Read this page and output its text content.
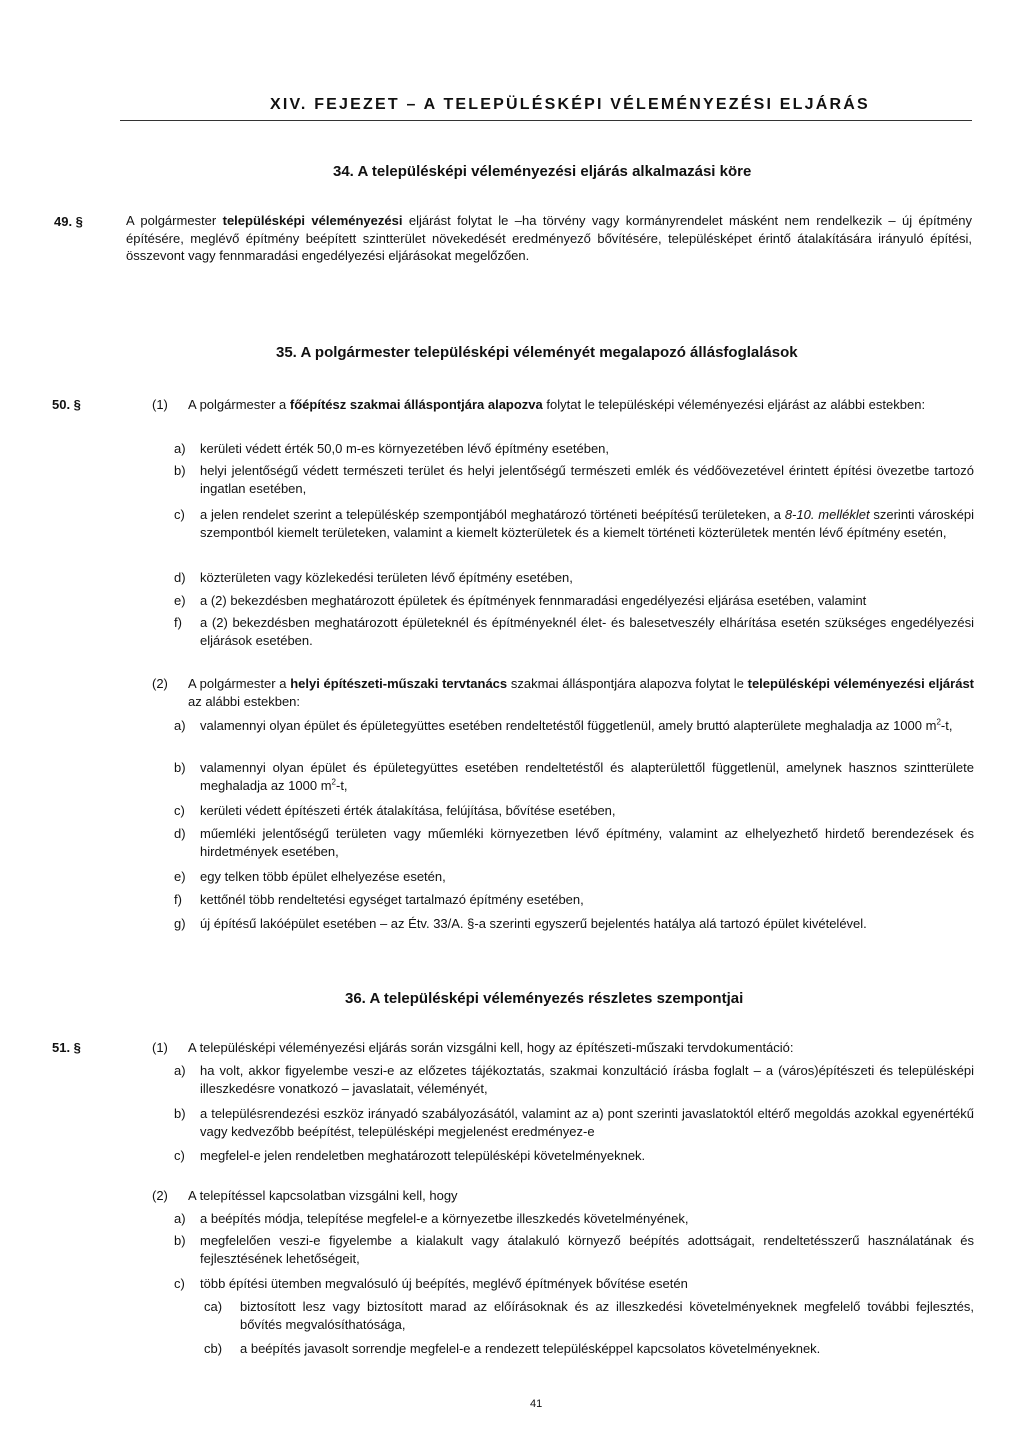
XIV. FEJEZET – A TELEPÜLÉSKÉPI VÉLEMÉNYEZÉSI ELJÁRÁS
34. A településképi véleményezési eljárás alkalmazási köre
49. §	A polgármester településképi véleményezési eljárást folytat le –ha törvény vagy kormányrendelet másként nem rendelkezik – új építmény építésére, meglévő építmény beépített szintterület növekedését eredményező bővítésére, településképet érintő átalakítására irányuló építési, összevont vagy fennmaradási engedélyezési eljárásokat megelőzően.
35. A polgármester településképi véleményét megalapozó állásfoglalások
50. §	(1) A polgármester a főépítész szakmai álláspontjára alapozva folytat le településképi véleményezési eljárást az alábbi estekben:
a) kerületi védett érték 50,0 m-es környezetében lévő építmény esetében,
b) helyi jelentőségű védett természeti terület és helyi jelentőségű természeti emlék és védőövezetével érintett építési övezetbe tartozó ingatlan esetében,
c) a jelen rendelet szerint a településkép szempontjából meghatározó történeti beépítésű területeken, a 8-10. melléklet szerinti városképi szempontból kiemelt területeken, valamint a kiemelt közterületek és a kiemelt történeti közterületek mentén lévő építmény esetén,
d) közterületen vagy közlekedési területen lévő építmény esetében,
e) a (2) bekezdésben meghatározott épületek és építmények fennmaradási engedélyezési eljárása esetében, valamint
f) a (2) bekezdésben meghatározott épületeknél és építményeknél élet- és balesetveszély elhárítása esetén szükséges engedélyezési eljárások esetében.
(2) A polgármester a helyi építészeti-műszaki tervtanács szakmai álláspontjára alapozva folytat le településképi véleményezési eljárást az alábbi estekben:
a) valamennyi olyan épület és épületegyüttes esetében rendeltetéstől függetlenül, amely bruttó alapterülete meghaladja az 1000 $m^2-t$,
b) valamennyi olyan épület és épületegyüttes esetében rendeltetéstől és alapterülettől függetlenül, amelynek hasznos szintterülete meghaladja az 1000 $m^2-t$,
c) kerületi védett építészeti érték átalakítása, felújítása, bővítése esetében,
d) műemléki jelentőségű területen vagy műemléki környezetben lévő építmény, valamint az elhelyezhető hirdető berendezések és hirdetmények esetében,
e) egy telken több épület elhelyezése esetén,
f) kettőnél több rendeltetési egységet tartalmazó építmény esetében,
g) új építésű lakóépület esetében – az Étv. 33/A. §-a szerinti egyszerű bejelentés hatálya alá tartozó épület kivételével.
36. A településképi véleményezés részletes szempontjai
51. §	(1) A településképi véleményezési eljárás során vizsgálni kell, hogy az építészeti-műszaki tervdokumentáció:
a) ha volt, akkor figyelembe veszi-e az előzetes tájékoztatás, szakmai konzultáció írásba foglalt – a (város)építészeti és településképi illeszkedésre vonatkozó – javaslatait, véleményét,
b) a településrendezési eszköz irányadó szabályozásától, valamint az a) pont szerinti javaslatoktól eltérő megoldás azokkal egyenértékű vagy kedvezőbb beépítést, településképi megjelenést eredményez-e
c) megfelel-e jelen rendeletben meghatározott településképi követelményeknek.
(2) A telepítéssel kapcsolatban vizsgálni kell, hogy
a) a beépítés módja, telepítése megfelel-e a környezetbe illeszkedés követelményének,
b) megfelelően veszi-e figyelembe a kialakult vagy átalakuló környező beépítés adottságait, rendeltetésszerű használatának és fejlesztésének lehetőségeit,
c) több építési ütemben megvalósuló új beépítés, meglévő építmények bővítése esetén
ca) biztosított lesz vagy biztosított marad az előírásoknak és az illeszkedési követelményeknek megfelelő további fejlesztés, bővítés megvalósíthatósága,
cb) a beépítés javasolt sorrendje megfelel-e a rendezett településképpel kapcsolatos követelményeknek.
41
